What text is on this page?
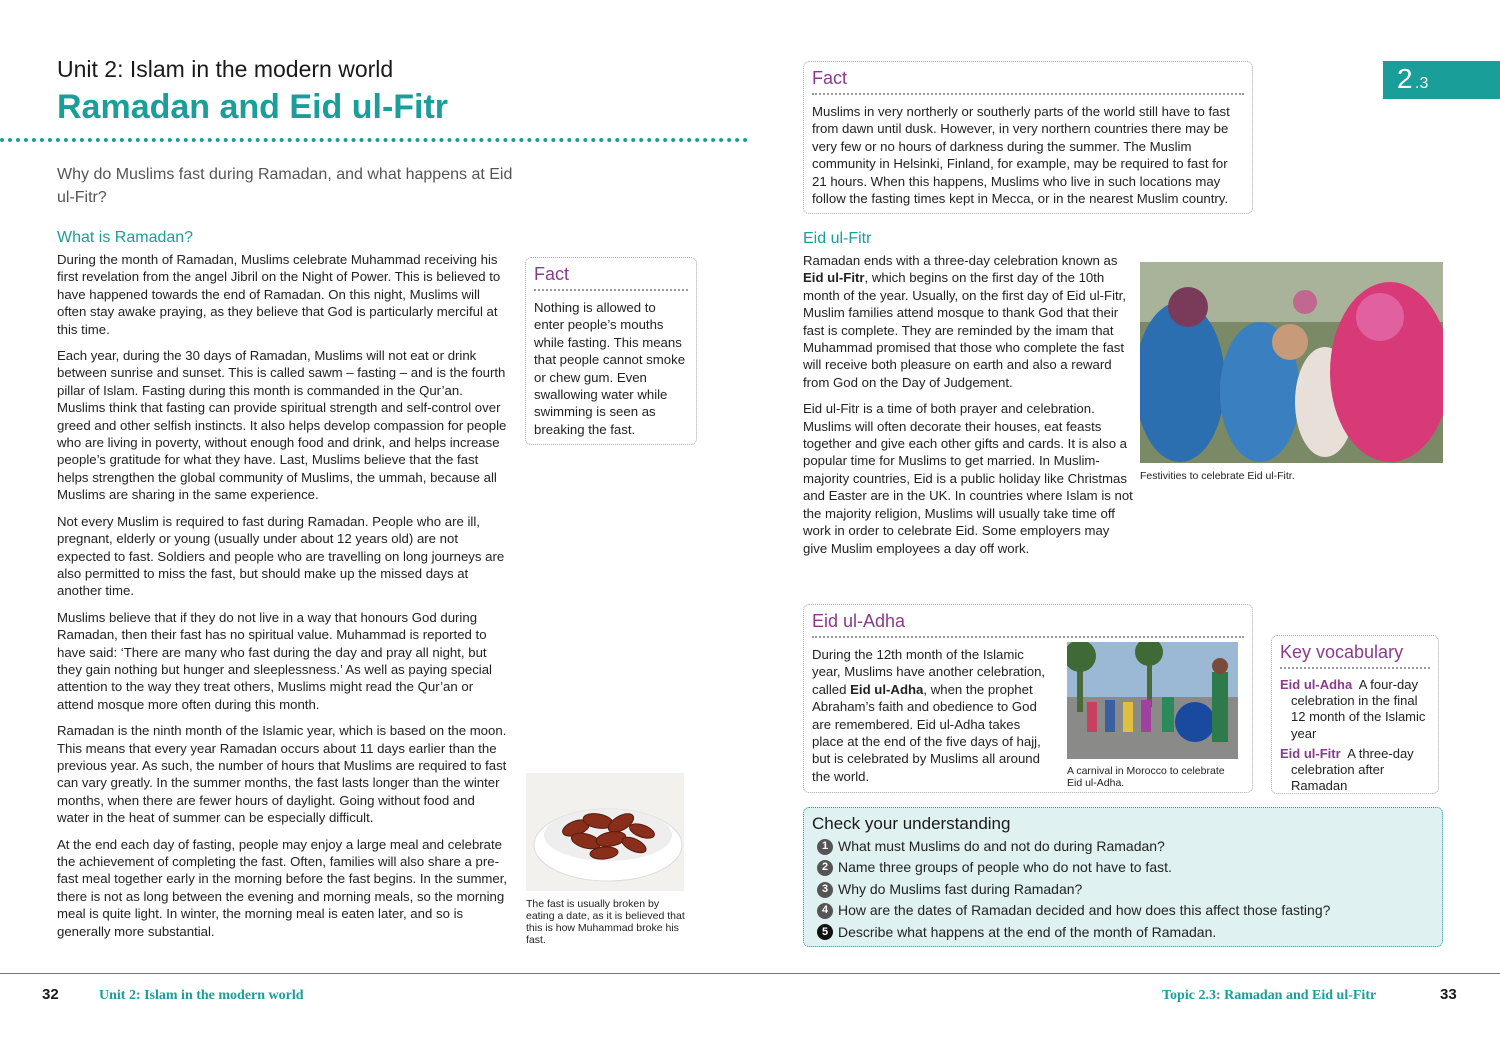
Unit 2: Islam in the modern world
Ramadan and Eid ul-Fitr
Why do Muslims fast during Ramadan, and what happens at Eid ul-Fitr?
What is Ramadan?

During the month of Ramadan, Muslims celebrate Muhammad receiving his first revelation from the angel Jibril on the Night of Power. This is believed to have happened towards the end of Ramadan. On this night, Muslims will often stay awake praying, as they believe that God is particularly merciful at this time.

Each year, during the 30 days of Ramadan, Muslims will not eat or drink between sunrise and sunset. This is called sawm – fasting – and is the fourth pillar of Islam. Fasting during this month is commanded in the Qur’an. Muslims think that fasting can provide spiritual strength and self-control over greed and other selfish instincts. It also helps develop compassion for people who are living in poverty, without enough food and drink, and helps increase people’s gratitude for what they have. Last, Muslims believe that the fast helps strengthen the global community of Muslims, the ummah, because all Muslims are sharing in the same experience.

Not every Muslim is required to fast during Ramadan. People who are ill, pregnant, elderly or young (usually under about 12 years old) are not expected to fast. Soldiers and people who are travelling on long journeys are also permitted to miss the fast, but should make up the missed days at another time.

Muslims believe that if they do not live in a way that honours God during Ramadan, then their fast has no spiritual value. Muhammad is reported to have said: ‘There are many who fast during the day and pray all night, but they gain nothing but hunger and sleeplessness.’ As well as paying special attention to the way they treat others, Muslims might read the Qur’an or attend mosque more often during this month.

Ramadan is the ninth month of the Islamic year, which is based on the moon. This means that every year Ramadan occurs about 11 days earlier than the previous year. As such, the number of hours that Muslims are required to fast can vary greatly. In the summer months, the fast lasts longer than the winter months, when there are fewer hours of daylight. Going without food and water in the heat of summer can be especially difficult.

At the end each day of fasting, people may enjoy a large meal and celebrate the achievement of completing the fast. Often, families will also share a pre-fast meal together early in the morning before the fast begins. In the summer, there is not as long between the evening and morning meals, so the morning meal is quite light. In winter, the morning meal is eaten later, and so is generally more substantial.

Fact

Nothing is allowed to enter people’s mouths while fasting. This means that people cannot smoke or chew gum. Even swallowing water while swimming is seen as breaking the fast.

The fast is usually broken by eating a date, as it is believed that this is how Muhammad broke his fast.
Fact

Muslims in very northerly or southerly parts of the world still have to fast from dawn until dusk. However, in very northern countries there may be very few or no hours of darkness during the summer. The Muslim community in Helsinki, Finland, for example, may be required to fast for 21 hours. When this happens, Muslims who live in such locations may follow the fasting times kept in Mecca, or in the nearest Muslim country.

2 .3
Eid ul-Fitr

Ramadan ends with a three-day celebration known as Eid ul-Fitr, which begins on the first day of the 10th month of the year. Usually, on the first day of Eid ul-Fitr, Muslim families attend mosque to thank God that their fast is complete. They are reminded by the imam that Muhammad promised that those who complete the fast will receive both pleasure on earth and also a reward from God on the Day of Judgement.

Eid ul-Fitr is a time of both prayer and celebration. Muslims will often decorate their houses, eat feasts together and give each other gifts and cards. It is also a popular time for Muslims to get married. In Muslim-majority countries, Eid is a public holiday like Christmas and Easter are in the UK. In countries where Islam is not the majority religion, Muslims will usually take time off work in order to celebrate Eid. Some employers may give Muslim employees a day off work.

Festivities to celebrate Eid ul-Fitr.
Eid ul-Adha

During the 12th month of the Islamic year, Muslims have another celebration, called Eid ul-Adha, when the prophet Abraham’s faith and obedience to God are remembered. Eid ul-Adha takes place at the end of the five days of hajj, but is celebrated by Muslims all around the world.	A carnival in Morocco to celebrate Eid ul-Adha.
Key vocabulary

Eid ul-Adha A four-day celebration in the final 12 month of the Islamic year

Eid ul-Fitr A three-day celebration after Ramadan

Check your understanding
1 What must Muslims do and not do during Ramadan?
2 Name three groups of people who do not have to fast.
3 Why do Muslims fast during Ramadan?
4 How are the dates of Ramadan decided and how does this affect those fasting?
5 Describe what happens at the end of the month of Ramadan.
32	Unit 2: Islam in the modern world	Topic 2.3: Ramadan and Eid ul-Fitr	33
